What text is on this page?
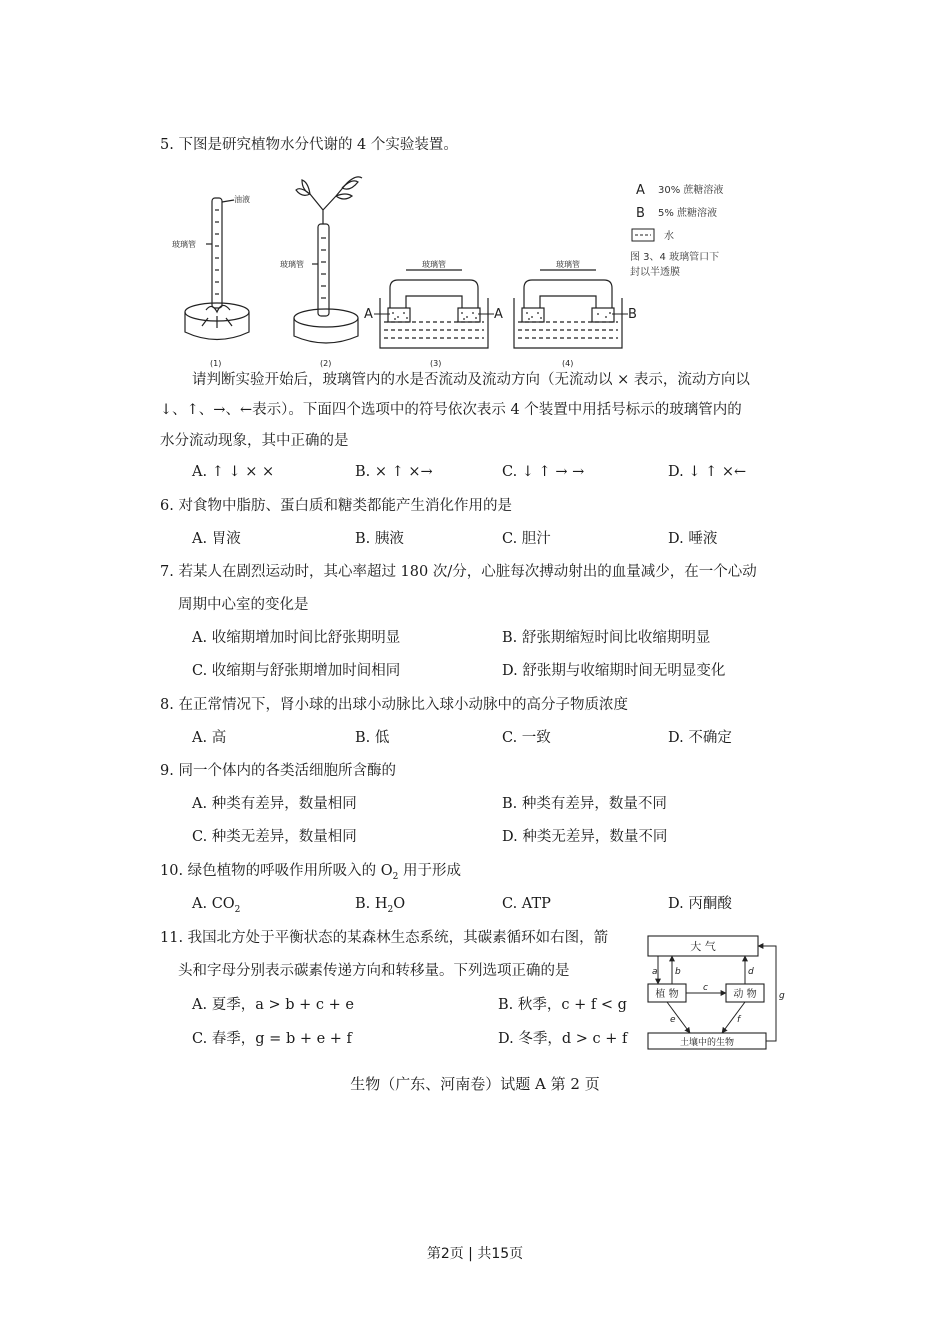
5. 下图是研究植物水分代谢的 4 个实验装置。
油液
玻璃管
玻璃管	玻璃管
A	A
玻璃管
B
(1)	(2)	(3)	(4)
A 30% 蔗糖溶液
B 5% 蔗糖溶液
水
图 3、4 玻璃管口下
封以半透膜
请判断实验开始后，玻璃管内的水是否流动及流动方向（无流动以 × 表示，流动方向以
↓、↑、→、←表示）。下面四个选项中的符号依次表示 4 个装置中用括号标示的玻璃管内的
水分流动现象，其中正确的是
A. ↑ ↓ × ×	B. × ↑ ×→	C. ↓ ↑ → →	D. ↓ ↑ ×←
6. 对食物中脂肪、蛋白质和糖类都能产生消化作用的是
A. 胃液	B. 胰液	C. 胆汁	D. 唾液
7. 若某人在剧烈运动时，其心率超过 180 次/分，心脏每次搏动射出的血量减少，在一个心动
周期中心室的变化是
A. 收缩期增加时间比舒张期明显	B. 舒张期缩短时间比收缩期明显
C. 收缩期与舒张期增加时间相同	D. 舒张期与收缩期时间无明显变化
8. 在正常情况下，肾小球的出球小动脉比入球小动脉中的高分子物质浓度
A. 高	B. 低	C. 一致	D. 不确定
9. 同一个体内的各类活细胞所含酶的
A. 种类有差异，数量相同	B. 种类有差异，数量不同
C. 种类无差异，数量相同	D. 种类无差异，数量不同
10. 绿色植物的呼吸作用所吸入的 $O_2$ 用于形成
A. $CO_2$	B. $H_2O$	C. ATP	D. 丙酮酸
11. 我国北方处于平衡状态的某森林生态系统，其碳素循环如右图，箭
头和字母分别表示碳素传递方向和转移量。下列选项正确的是
A. 夏季，a > b + c + e	B. 秋季，c + f < g
C. 春季，g = b + e + f	D. 冬季，d > c + f
大 气
植 物	动 物
土壤中的生物
a b
c
d
e	f
g
生物（广东、河南卷）试题 A 第 2 页
第2页 | 共15页
